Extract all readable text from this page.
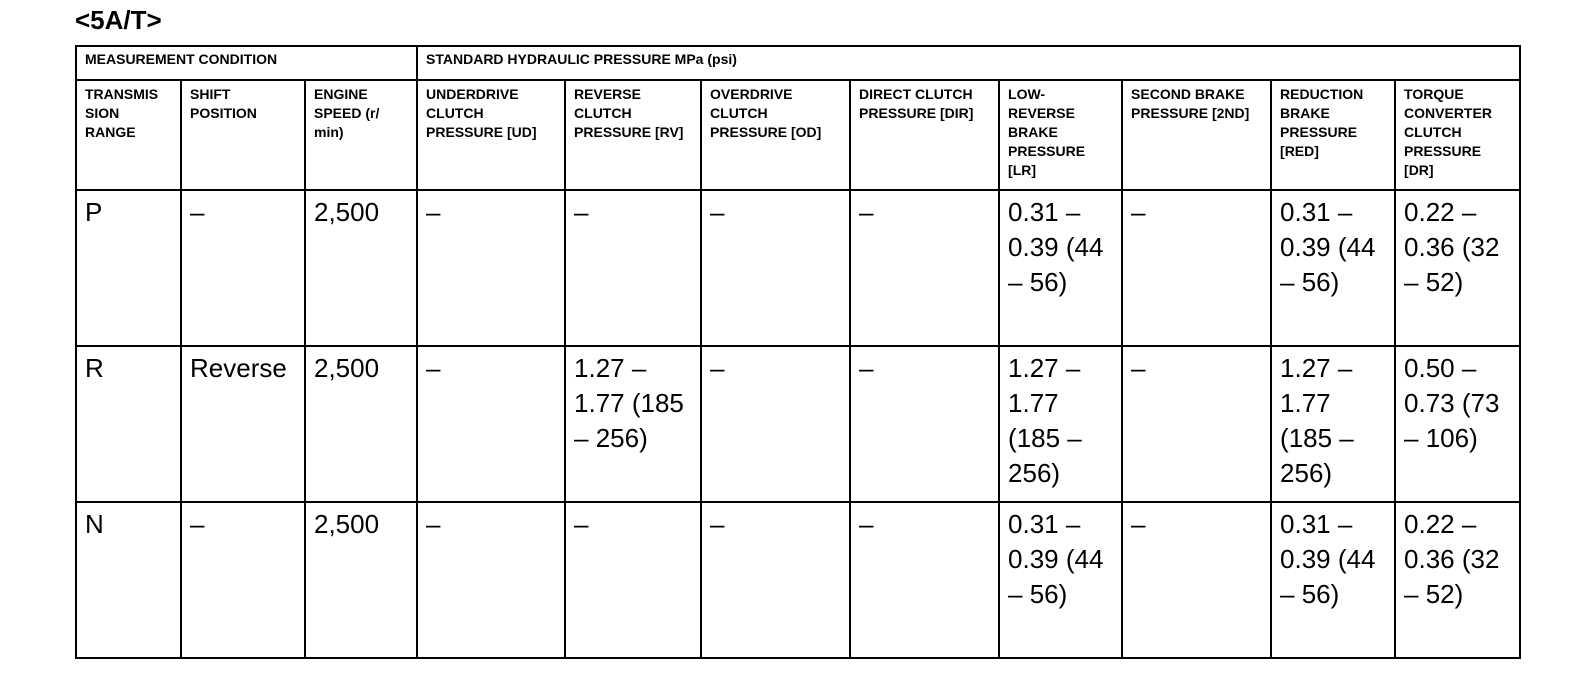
<5A/T>
MEASUREMENT CONDITION			STANDARD HYDRAULIC PRESSURE MPa (psi)							
TRANSMIS SION RANGE	SHIFT POSITION	ENGINE SPEED (r/ min)	UNDERDRIVE CLUTCH PRESSURE [UD]	REVERSE CLUTCH PRESSURE [RV]	OVERDRIVE CLUTCH PRESSURE [OD]	DIRECT CLUTCH PRESSURE [DIR]	LOW- REVERSE BRAKE PRESSURE [LR]	SECOND BRAKE PRESSURE [2ND]	REDUCTION BRAKE PRESSURE [RED]	TORQUE CONVERTER CLUTCH PRESSURE [DR]
P	–	2,500	–	–	–	–	0.31 – 0.39 (44 – 56)	–	0.31 – 0.39 (44 – 56)	0.22 – 0.36 (32 – 52)
R	Reverse	2,500	–	1.27 – 1.77 (185 – 256)	–	–	1.27 – 1.77 (185 – 256)	–	1.27 – 1.77 (185 – 256)	0.50 – 0.73 (73 – 106)
N	–	2,500	–	–	–	–	0.31 – 0.39 (44 – 56)	–	0.31 – 0.39 (44 – 56)	0.22 – 0.36 (32 – 52)
